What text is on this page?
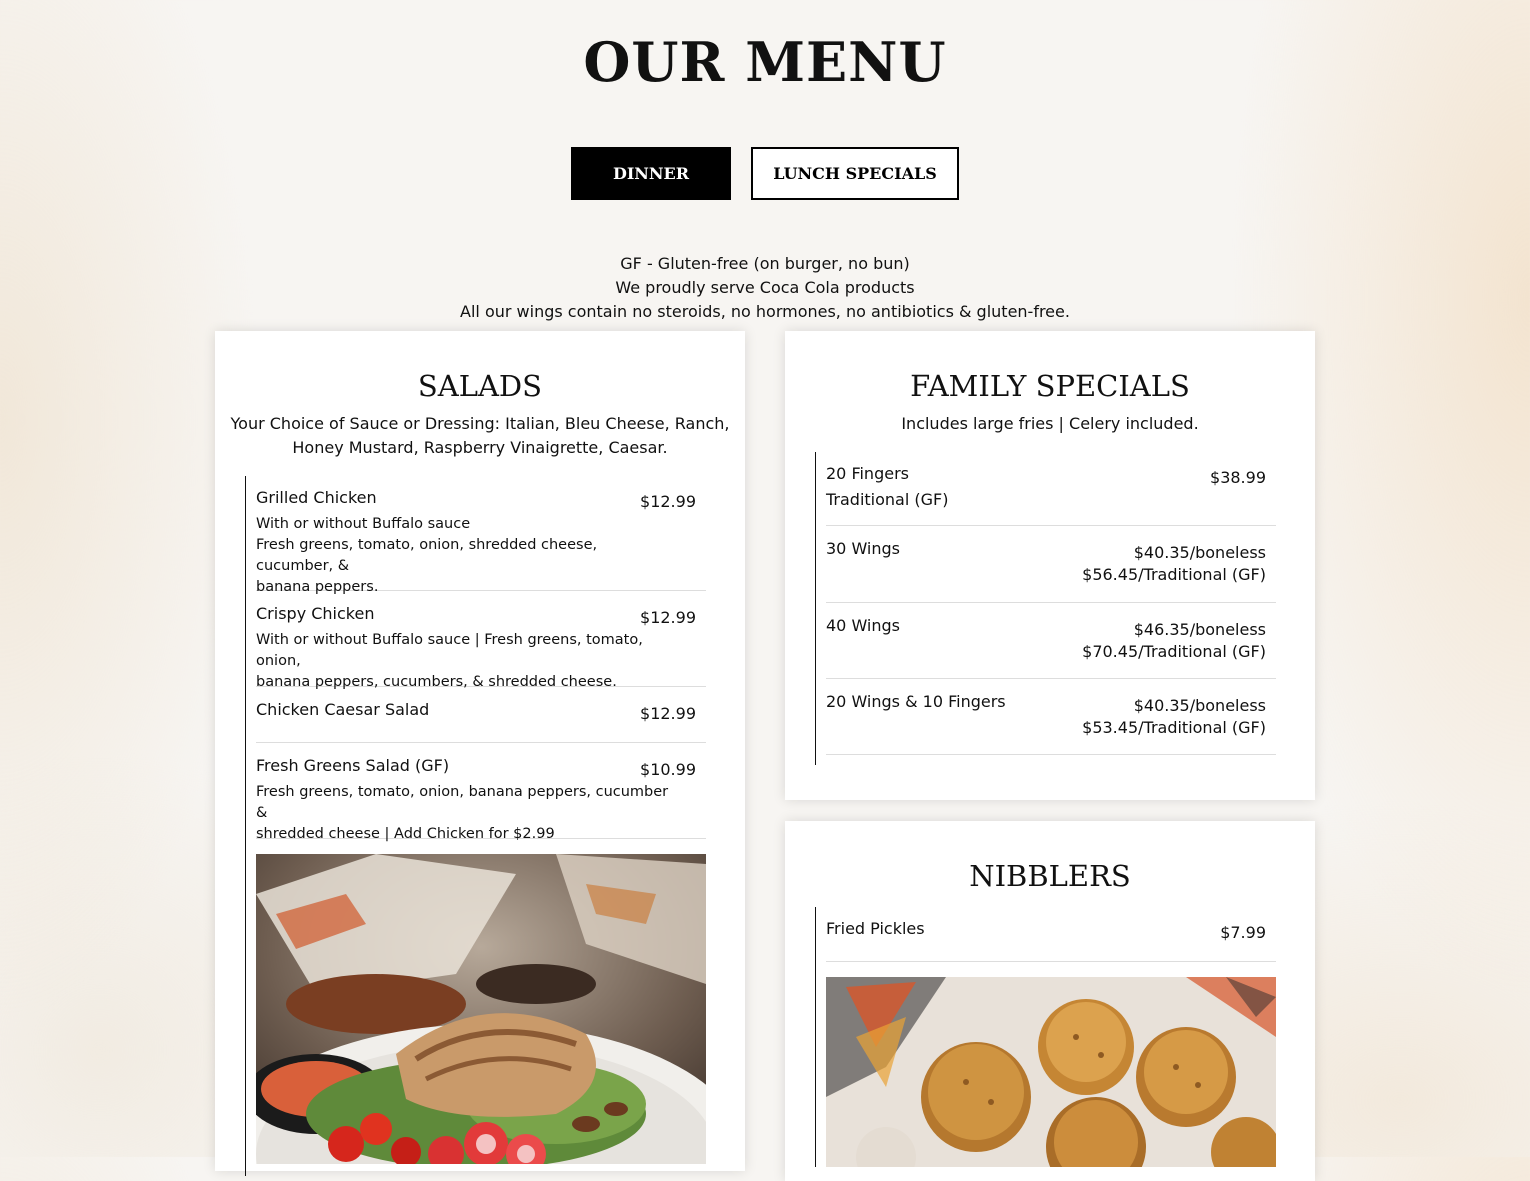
OUR MENU
DINNER	LUNCH SPECIALS
GF - Gluten-free (on burger, no bun)
We proudly serve Coca Cola products
All our wings contain no steroids, no hormones, no antibiotics & gluten-free.
SALADS
Your Choice of Sauce or Dressing: Italian, Bleu Cheese, Ranch,
Honey Mustard, Raspberry Vinaigrette, Caesar.
Grilled Chicken	$12.99
With or without Buffalo sauce
Fresh greens, tomato, onion, shredded cheese, cucumber, &
banana peppers.
Crispy Chicken	$12.99
With or without Buffalo sauce | Fresh greens, tomato, onion,
banana peppers, cucumbers, & shredded cheese.
Chicken Caesar Salad	$12.99
Fresh Greens Salad (GF)	$10.99
Fresh greens, tomato, onion, banana peppers, cucumber &
shredded cheese | Add Chicken for $2.99
FAMILY SPECIALS
Includes large fries | Celery included.
20 Fingers	$38.99
Traditional (GF)
30 Wings	$40.35/boneless
$56.45/Traditional (GF)
40 Wings	$46.35/boneless
$70.45/Traditional (GF)
20 Wings & 10 Fingers	$40.35/boneless
$53.45/Traditional (GF)
NIBBLERS
Fried Pickles	$7.99
